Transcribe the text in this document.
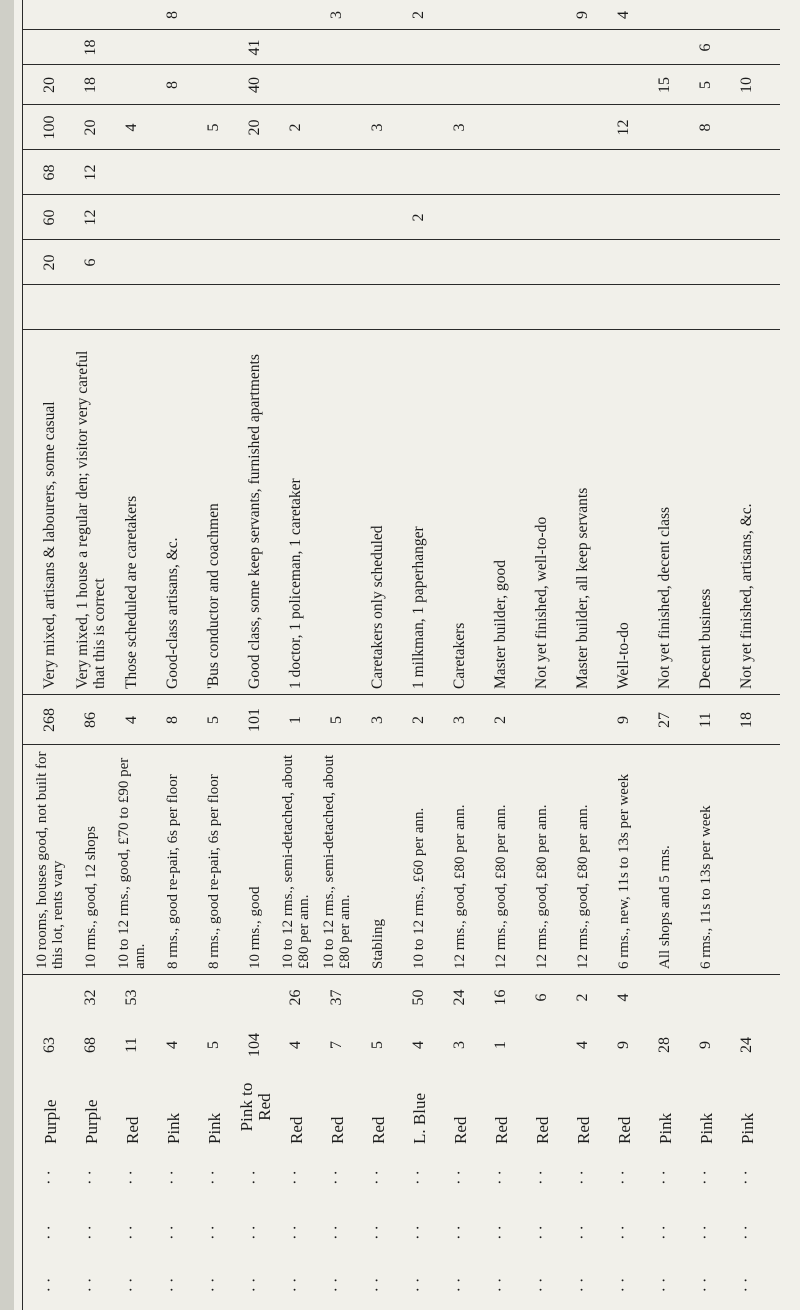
· ·
· ·
· ·
Purple
63
10 rooms, houses good, not built for this lot, rents vary
268
Very mixed, artisans & labourers, some casual
20
60
68
100
20
· ·
· ·
· ·
Purple
68
32
10 rms., good, 12 shops
86
Very mixed, 1 house a regular den; visitor very careful that this is correct
6
12
12
20
18
18
· ·
· ·
· ·
Red
11
53
10 to 12 rms., good, £70 to £90 per ann.
4
Those scheduled are caretakers
4
· ·
· ·
· ·
Pink
4
8 rms., good re-pair, 6s per floor
8
Good-class artisans, &c.
8
8
· ·
· ·
· ·
Pink
5
8 rms., good re-pair, 6s per floor
5
'Bus conductor and coachmen
5
· ·
· ·
· ·
Pink to Red
104
10 rms., good
101
Good class, some keep servants, furnished apartments
20
40
41
· ·
· ·
· ·
Red
4
26
10 to 12 rms., semi-detached, about £80 per ann.
1
1 doctor, 1 policeman, 1 caretaker
2
· ·
· ·
· ·
Red
7
37
10 to 12 rms., semi-detached, about £80 per ann.
5
3
· ·
· ·
· ·
Red
5
Stabling
3
Caretakers only scheduled
3
· ·
· ·
· ·
L. Blue
4
50
10 to 12 rms., £60 per ann.
2
1 milkman, 1 paperhanger
2
2
· ·
· ·
· ·
Red
3
24
12 rms., good, £80 per ann.
3
Caretakers
3
· ·
· ·
· ·
Red
1
16
12 rms., good, £80 per ann.
2
Master builder, good
· ·
· ·
· ·
Red
6
12 rms., good, £80 per ann.
Not yet finished, well-to-do
· ·
· ·
· ·
Red
4
2
12 rms., good, £80 per ann.
Master builder, all keep servants
9
· ·
· ·
· ·
Red
9
4
6 rms., new, 11s to 13s per week
9
Well-to-do
12
4
· ·
· ·
· ·
Pink
28
All shops and 5 rms.
27
Not yet finished, decent class
15
· ·
· ·
· ·
Pink
9
6 rms., 11s to 13s per week
11
Decent business
8
5
6
· ·
· ·
· ·
Pink
24
18
Not yet finished, artisans, &c.
10
